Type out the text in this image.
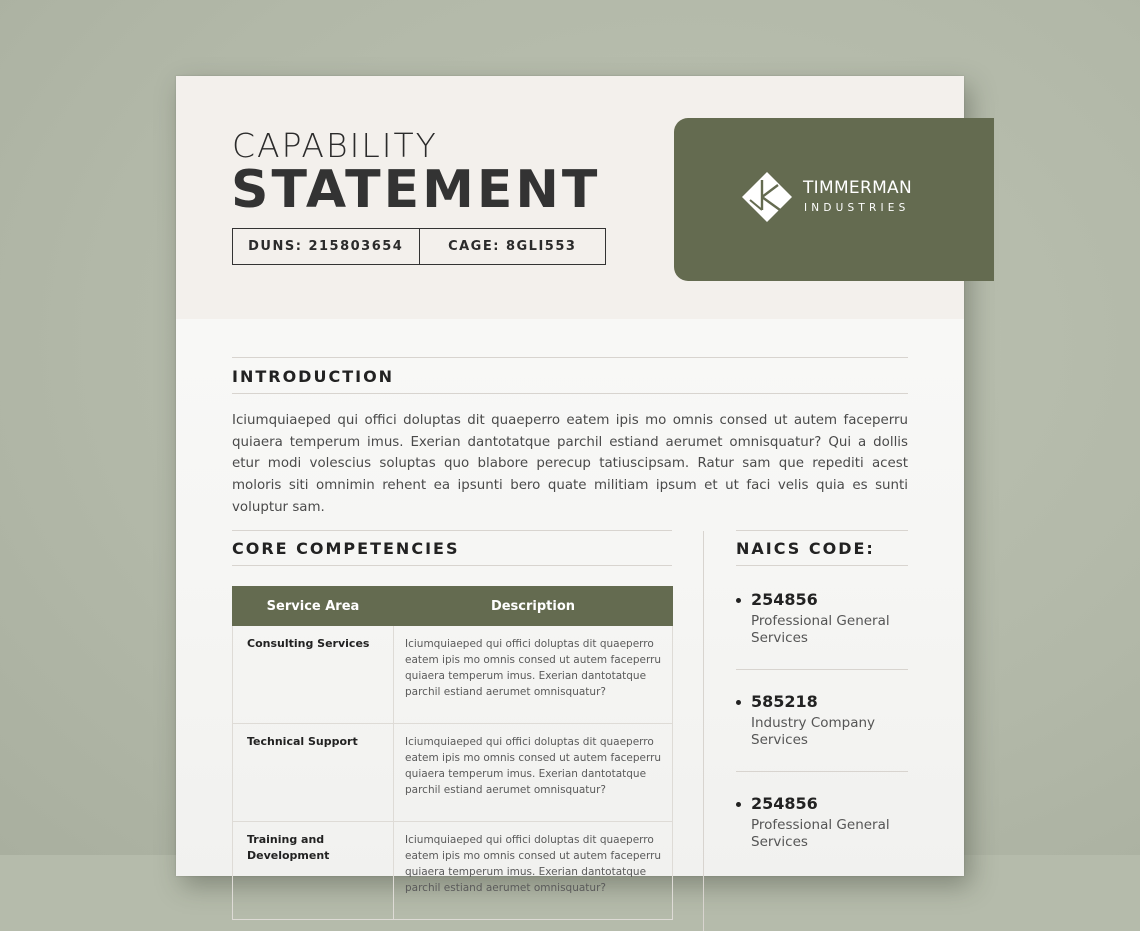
CAPABILITY
STATEMENT
DUNS: 215803654	CAGE: 8GLI553
TIMMERMAN
INDUSTRIES
INTRODUCTION
Iciumquiaeped qui offici doluptas dit quaeperro eatem ipis mo omnis consed ut autem faceperru quiaera temperum imus. Exerian dantotatque parchil estiand aerumet omnisquatur? Qui a dollis etur modi volescius soluptas quo blabore perecup tatiuscipsam. Ratur sam que repediti acest moloris siti omnimin rehent ea ipsunti bero quate militiam ipsum et ut faci velis quia es sunti voluptur sam.
CORE COMPETENCIES
Service Area	Description
Consulting Services	Iciumquiaeped qui offici doluptas dit quaeperro eatem ipis mo omnis consed ut autem faceperru quiaera temperum imus. Exerian dantotatque parchil estiand aerumet omnisquatur?
Technical Support	Iciumquiaeped qui offici doluptas dit quaeperro eatem ipis mo omnis consed ut autem faceperru quiaera temperum imus. Exerian dantotatque parchil estiand aerumet omnisquatur?
Training and Development	Iciumquiaeped qui offici doluptas dit quaeperro eatem ipis mo omnis consed ut autem faceperru quiaera temperum imus. Exerian dantotatque parchil estiand aerumet omnisquatur?
NAICS CODE:
254856
Professional General Services
585218
Industry Company Services
254856
Professional General Services
